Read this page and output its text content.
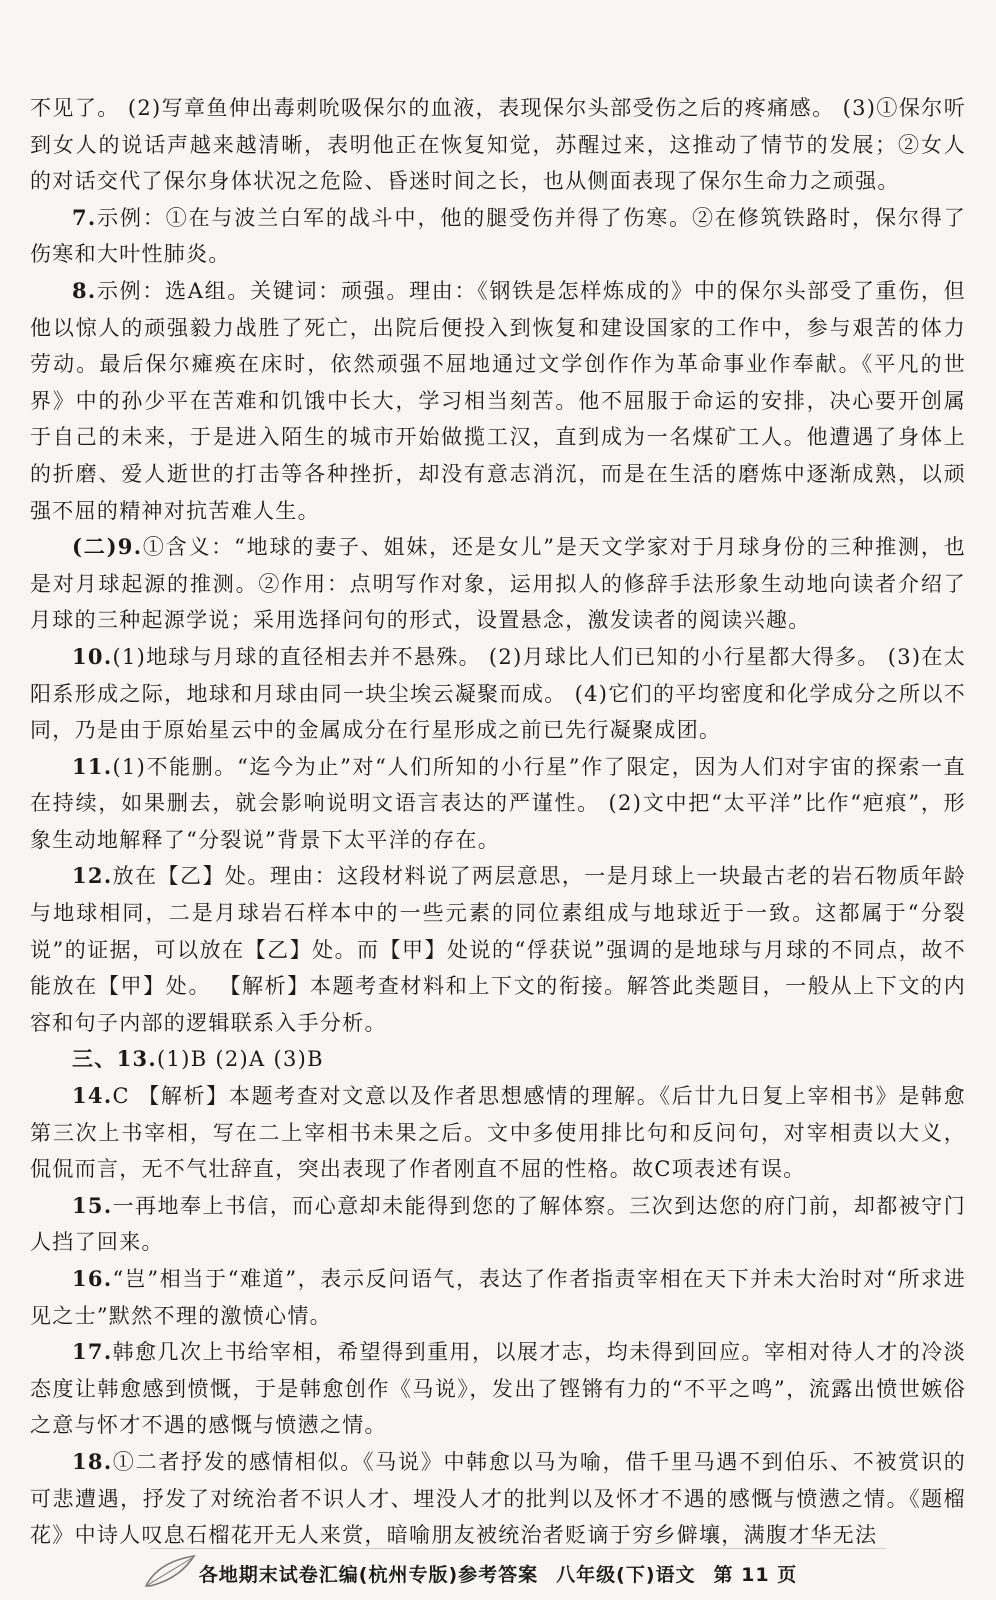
不见了。 (2)写章鱼伸出毒刺吮吸保尔的血液，表现保尔头部受伤之后的疼痛感。 (3)①保尔听到女人的说话声越来越清晰，表明他正在恢复知觉，苏醒过来，这推动了情节的发展；②女人的对话交代了保尔身体状况之危险、昏迷时间之长，也从侧面表现了保尔生命力之顽强。

7.示例：①在与波兰白军的战斗中，他的腿受伤并得了伤寒。②在修筑铁路时，保尔得了伤寒和大叶性肺炎。

8.示例：选A组。关键词：顽强。理由：《钢铁是怎样炼成的》中的保尔头部受了重伤，但他以惊人的顽强毅力战胜了死亡，出院后便投入到恢复和建设国家的工作中，参与艰苦的体力劳动。最后保尔瘫痪在床时，依然顽强不屈地通过文学创作作为革命事业作奉献。《平凡的世界》中的孙少平在苦难和饥饿中长大，学习相当刻苦。他不屈服于命运的安排，决心要开创属于自己的未来，于是进入陌生的城市开始做揽工汉，直到成为一名煤矿工人。他遭遇了身体上的折磨、爱人逝世的打击等各种挫折，却没有意志消沉，而是在生活的磨炼中逐渐成熟，以顽强不屈的精神对抗苦难人生。

(二)9.①含义：“地球的妻子、姐妹，还是女儿”是天文学家对于月球身份的三种推测，也是对月球起源的推测。②作用：点明写作对象，运用拟人的修辞手法形象生动地向读者介绍了月球的三种起源学说；采用选择问句的形式，设置悬念，激发读者的阅读兴趣。

10.(1)地球与月球的直径相去并不悬殊。 (2)月球比人们已知的小行星都大得多。 (3)在太阳系形成之际，地球和月球由同一块尘埃云凝聚而成。 (4)它们的平均密度和化学成分之所以不同，乃是由于原始星云中的金属成分在行星形成之前已先行凝聚成团。

11.(1)不能删。“迄今为止”对“人们所知的小行星”作了限定，因为人们对宇宙的探索一直在持续，如果删去，就会影响说明文语言表达的严谨性。 (2)文中把“太平洋”比作“疤痕”，形象生动地解释了“分裂说”背景下太平洋的存在。

12.放在【乙】处。理由：这段材料说了两层意思，一是月球上一块最古老的岩石物质年龄与地球相同，二是月球岩石样本中的一些元素的同位素组成与地球近于一致。这都属于“分裂说”的证据，可以放在【乙】处。而【甲】处说的“俘获说”强调的是地球与月球的不同点，故不能放在【甲】处。 【解析】本题考查材料和上下文的衔接。解答此类题目，一般从上下文的内容和句子内部的逻辑联系入手分析。

三、13.(1)B (2)A (3)B

14.C 【解析】本题考查对文意以及作者思想感情的理解。《后廿九日复上宰相书》是韩愈第三次上书宰相，写在二上宰相书未果之后。文中多使用排比句和反问句，对宰相责以大义，侃侃而言，无不气壮辞直，突出表现了作者刚直不屈的性格。故C项表述有误。

15.一再地奉上书信，而心意却未能得到您的了解体察。三次到达您的府门前，却都被守门人挡了回来。

16.“岂”相当于“难道”，表示反问语气，表达了作者指责宰相在天下并未大治时对“所求进见之士”默然不理的激愤心情。

17.韩愈几次上书给宰相，希望得到重用，以展才志，均未得到回应。宰相对待人才的冷淡态度让韩愈感到愤慨，于是韩愈创作《马说》，发出了铿锵有力的“不平之鸣”，流露出愤世嫉俗之意与怀才不遇的感慨与愤懑之情。

18.①二者抒发的感情相似。《马说》中韩愈以马为喻，借千里马遇不到伯乐、不被赏识的可悲遭遇，抒发了对统治者不识人才、埋没人才的批判以及怀才不遇的感慨与愤懑之情。《题榴花》中诗人叹息石榴花开无人来赏，暗喻朋友被统治者贬谪于穷乡僻壤，满腹才华无法

各地期末试卷汇编(杭州专版)参考答案 八年级(下)语文 第 11 页
